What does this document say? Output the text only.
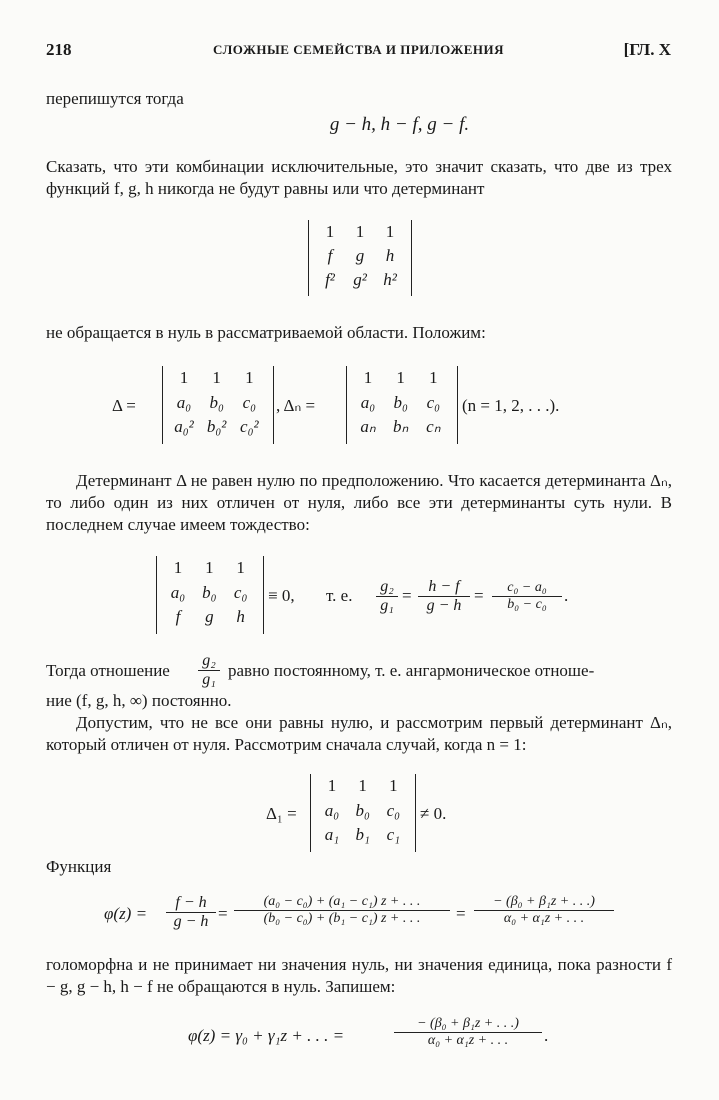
218	СЛОЖНЫЕ СЕМЕЙСТВА И ПРИЛОЖЕНИЯ	[ГЛ. X
перепишутся тогда
g − h, h − f, g − f.
Сказать, что эти комбинации исключительные, это значит сказать, что две из трех функций f, g, h никогда не будут равны или что детерминант
1	1	1
f	g	h
f²	g² h²
не обращается в нуль в рассматриваемой области. Положим:
Δ =
1	1	1
a₀	b₀	c₀
a₀² b₀² c₀²
, Δₙ =
1	1	1
a₀	b₀	c₀
aₙ	bₙ	cₙ
(n = 1, 2, . . .).
Детерминант Δ не равен нулю по предположению. Что касается детерминанта Δₙ, то либо один из них отличен от нуля, либо все эти детерминанты суть нули. В последнем случае имеем тождество:
1	1	1
a₀ b₀	c₀
f	g	h
≡ 0, т. е. $\frac{\text{g₂}}{\text{g₁}} = \frac{h - f}{g - h} = \frac{\text{c₀ − a₀}}{\text{b₀ − c₀}}$ .
Тогда отношение $\frac{\text{g₂}}{\text{g₁}}$ равно постоянному, т. е. ангармоническое отноше-
ние (f, g, h, ∞) постоянно.
Допустим, что не все они равны нулю, и рассмотрим первый детерминант Δₙ, который отличен от нуля. Рассмотрим сначала случай, когда n = 1:
Δ₁ =
1	1	1
a₀ b₀ c₀
a₁ b₁ c₁
≠ 0.
Функция
$\varphi(z) = \frac{f - h}{g - h} = \frac{\text{(a₀ − c₀) + (a₁ − c₁) z + . . .}}{\text{(b₀ − c₀) + (b₁ − c₁) z + . . .}} = \frac{\text{− (β₀ + β₁z + . . .)}}{\text{α₀ + α₁z + . . .}}$
голоморфна и не принимает ни значения нуль, ни значения единица, пока разности f − g, g − h, h − f не обращаются в нуль. Запишем:
φ(z) = γ₀ + γ₁z + . . . =	$\frac{\text{− (β₀ + β₁z + . . .)}}{\text{α₀ + α₁z + . . .}}$ .
